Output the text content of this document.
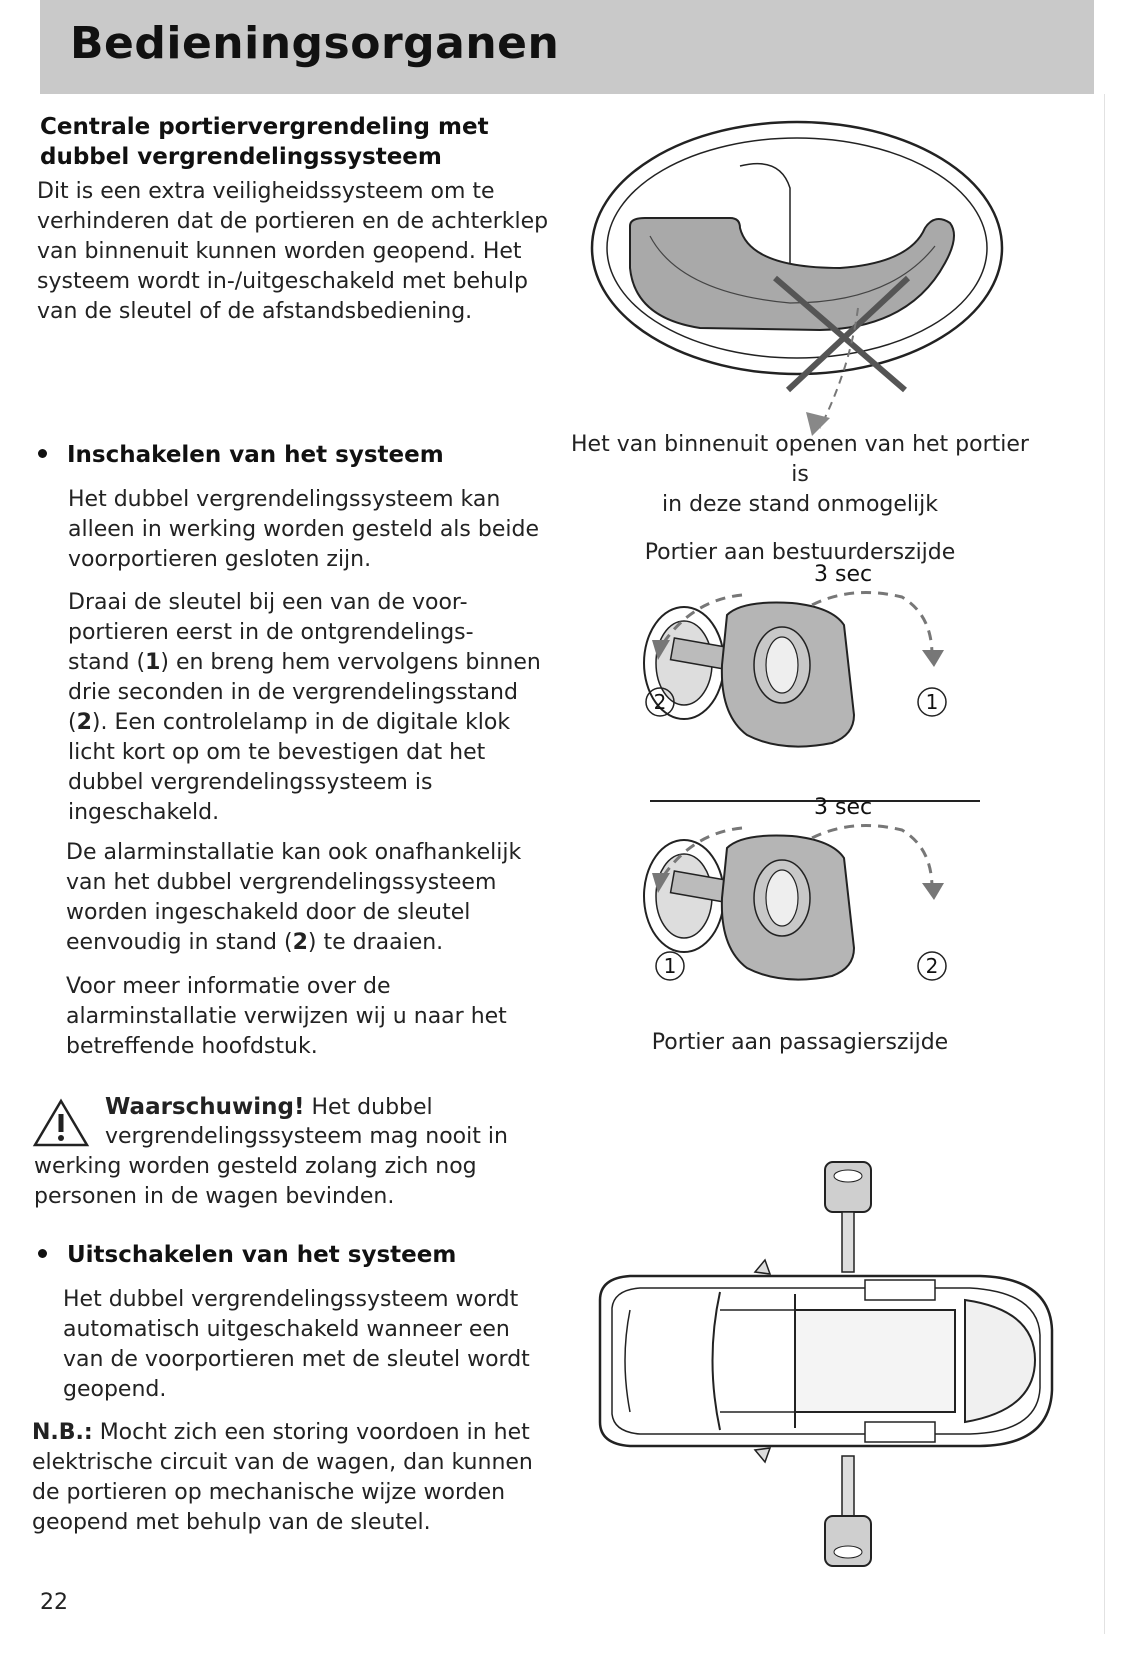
Bedieningsorganen
Centrale portiervergrendeling met
dubbel vergrendelingssysteem
Dit is een extra veiligheidssysteem om te
verhinderen dat de portieren en de achterklep
van binnenuit kunnen worden geopend. Het
systeem wordt in-/uitgeschakeld met behulp
van de sleutel of de afstandsbediening.
Inschakelen van het systeem
Het dubbel vergrendelingssysteem kan
alleen in werking worden gesteld als beide
voorportieren gesloten zijn.
Draai de sleutel bij een van de voor-
portieren eerst in de ontgrendelings-
stand (1) en breng hem vervolgens binnen
drie seconden in de vergrendelingsstand
(2). Een controlelamp in de digitale klok
licht kort op om te bevestigen dat het
dubbel vergrendelingssysteem is
ingeschakeld.
De alarminstallatie kan ook onafhankelijk
van het dubbel vergrendelingssysteem
worden ingeschakeld door de sleutel
eenvoudig in stand (2) te draaien.
Voor meer informatie over de
alarminstallatie verwijzen wij u naar het
betreffende hoofdstuk.
Waarschuwing! Het dubbel
vergrendelingssysteem mag nooit in
werking worden gesteld zolang zich nog
personen in de wagen bevinden.
Uitschakelen van het systeem
Het dubbel vergrendelingssysteem wordt
automatisch uitgeschakeld wanneer een
van de voorportieren met de sleutel wordt
geopend.
N.B.: Mocht zich een storing voordoen in het
elektrische circuit van de wagen, dan kunnen
de portieren op mechanische wijze worden
geopend met behulp van de sleutel.
22
Het van binnenuit openen van het portier is
in deze stand onmogelijk
Portier aan bestuurderszijde
3 sec
2	1
3 sec
1	2
Portier aan passagierszijde
